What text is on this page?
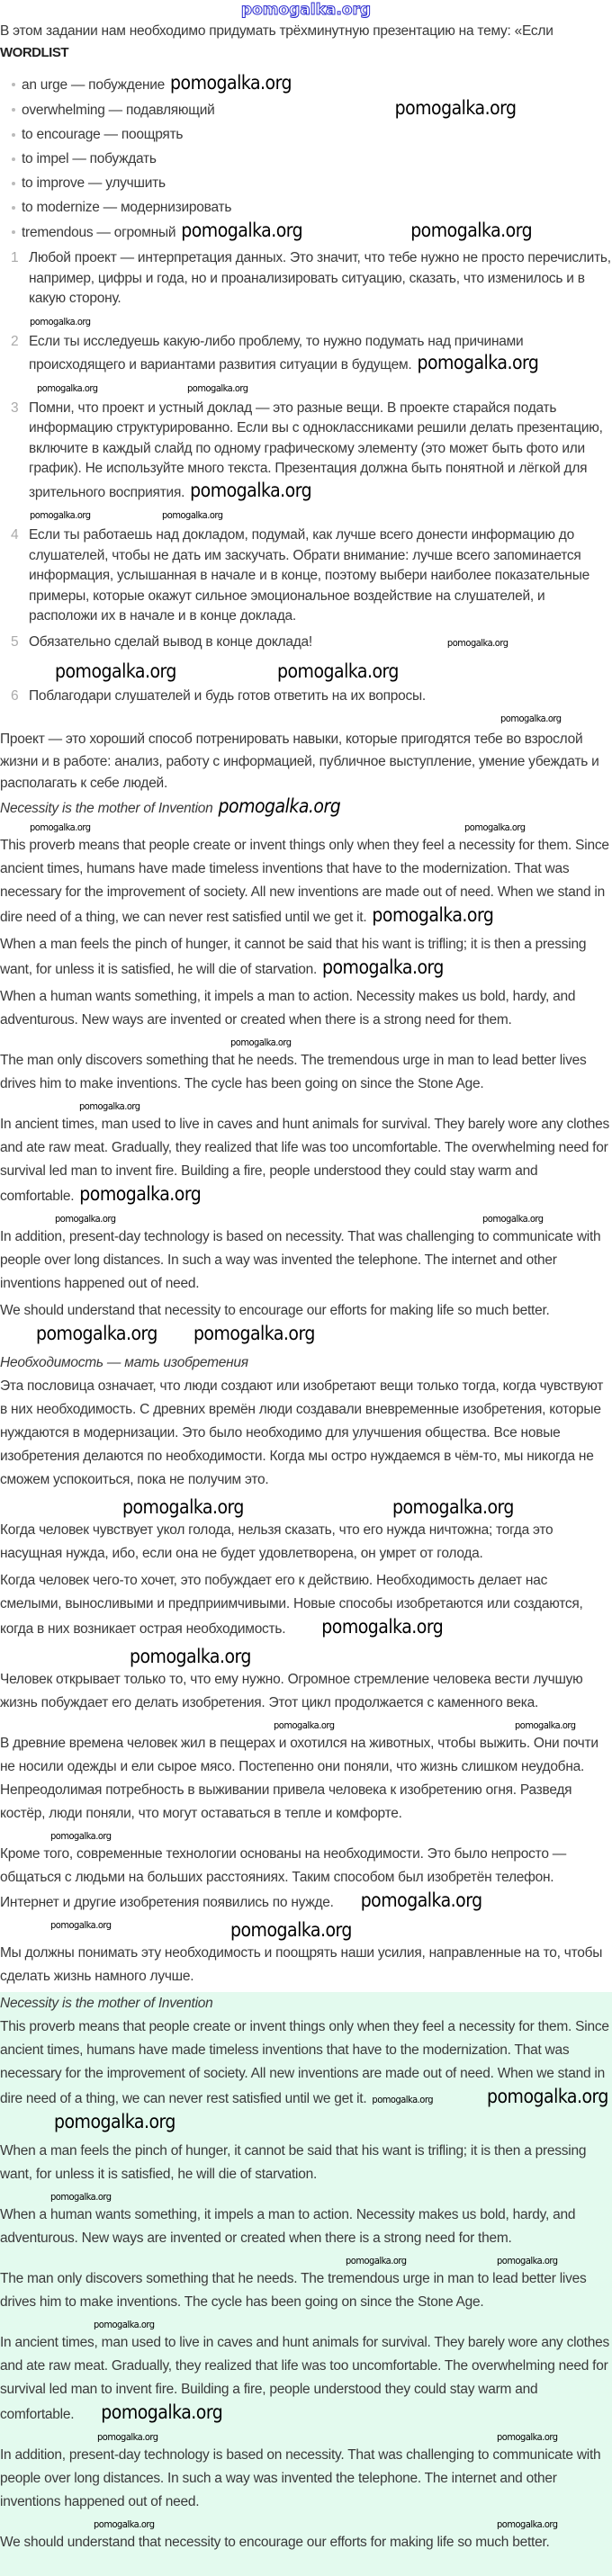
pomogalka.org
В этом задании нам необходимо придумать трёхминутную презентацию на тему: «Если
WORDLIST
an urge — побуждение pomogalka.org
overwhelming — подавляющий	pomogalka.org
to encourage — поощрять
to impel — побуждать
to improve — улучшить
to modernize — модернизировать
tremendous — огромный pomogalka.org	pomogalka.org
1 Любой проект — интерпретация данных. Это значит, что тебе нужно не просто перечислить, например, цифры и года, но и проанализировать ситуацию, сказать, что изменилось и в какую сторону.
pomogalka.org
2 Если ты исследуешь какую-либо проблему, то нужно подумать над причинами происходящего и вариантами развития ситуации в будущем. pomogalka.org
pomogalka.org	pomogalka.org
3 Помни, что проект и устный доклад — это разные вещи. В проекте старайся подать информацию структурированно. Если вы с одноклассниками решили делать презентацию, включите в каждый слайд по одному графическому элементу (это может быть фото или график). Не используйте много текста. Презентация должна быть понятной и лёгкой для зрительного восприятия. pomogalka.org
pomogalka.org	pomogalka.org
4 Если ты работаешь над докладом, подумай, как лучше всего донести информацию до слушателей, чтобы не дать им заскучать. Обрати внимание: лучше всего запоминается информация, услышанная в начале и в конце, поэтому выбери наиболее показательные примеры, которые окажут сильное эмоциональное воздействие на слушателей, и расположи их в начале и в конце доклада.
5 Обязательно сделай вывод в конце доклада!	pomogalka.org
pomogalka.org	pomogalka.org
6 Поблагодари слушателей и будь готов ответить на их вопросы.
pomogalka.org
Проект — это хороший способ потренировать навыки, которые пригодятся тебе во взрослой жизни и в работе: анализ, работу с информацией, публичное выступление, умение убеждать и располагать к себе людей.
Necessity is the mother of Invention pomogalka.org
pomogalka.org	pomogalka.org

This proverb means that people create or invent things only when they feel a necessity for them. Since ancient times, humans have made timeless inventions that have to the modernization. That was necessary for the improvement of society. All new inventions are made out of need. When we stand in dire need of a thing, we can never rest satisfied until we get it. pomogalka.org

When a man feels the pinch of hunger, it cannot be said that his want is trifling; it is then a pressing want, for unless it is satisfied, he will die of starvation. pomogalka.org

When a human wants something, it impels a man to action. Necessity makes us bold, hardy, and adventurous. New ways are invented or created when there is a strong need for them.

pomogalka.org

The man only discovers something that he needs. The tremendous urge in man to lead better lives drives him to make inventions. The cycle has been going on since the Stone Age.

pomogalka.org

In ancient times, man used to live in caves and hunt animals for survival. They barely wore any clothes and ate raw meat. Gradually, they realized that life was too uncomfortable. The overwhelming need for survival led man to invent fire. Building a fire, people understood they could stay warm and comfortable. pomogalka.org

pomogalka.org	pomogalka.org

In addition, present-day technology is based on necessity. That was challenging to communicate with people over long distances. In such a way was invented the telephone. The internet and other inventions happened out of need.

We should understand that necessity to encourage our efforts for making life so much better.pomogalka.org pomogalka.org

Необходимость — мать изобретения

Эта пословица означает, что люди создают или изобретают вещи только тогда, когда чувствуют в них необходимость. С древних времён люди создавали вневременные изобретения, которые нуждаются в модернизации. Это было необходимо для улучшения общества. Все новые изобретения делаются по необходимости. Когда мы остро нуждаемся в чём-то, мы никогда не сможем успокоиться, пока не получим это.

pomogalka.org	pomogalka.org

Когда человек чувствует укол голода, нельзя сказать, что его нужда ничтожна; тогда это насущная нужда, ибо, если она не будет удовлетворена, он умрет от голода.

Когда человек чего-то хочет, это побуждает его к действию. Необходимость делает нас смелыми, выносливыми и предприимчивыми. Новые способы изобретаются или создаются, когда в них возникает острая необходимость. pomogalka.org

pomogalka.org

Человек открывает только то, что ему нужно. Огромное стремление человека вести лучшую жизнь побуждает его делать изобретения. Этот цикл продолжается с каменного века.

pomogalka.org	pomogalka.org

В древние времена человек жил в пещерах и охотился на животных, чтобы выжить. Они почти не носили одежды и ели сырое мясо. Постепенно они поняли, что жизнь слишком неудобна. Непреодолимая потребность в выживании привела человека к изобретению огня. Разведя костёр, люди поняли, что могут оставаться в тепле и комфорте.

pomogalka.org

Кроме того, современные технологии основаны на необходимости. Это было непросто — общаться с людьми на больших расстояниях. Таким способом был изобретён телефон. Интернет и другие изобретения появились по нужде. pomogalka.org

pomogalka.org	pomogalka.org

Мы должны понимать эту необходимость и поощрять наши усилия, направленные на то, чтобы сделать жизнь намного лучше.

Necessity is the mother of Invention

This proverb means that people create or invent things only when they feel a necessity for them. Since ancient times, humans have made timeless inventions that have to the modernization. That was necessary for the improvement of society. All new inventions are made out of need. When we stand in dire need of a thing, we can never rest satisfied until we get it. pomogalka.org	pomogalka.orgpomogalka.org

When a man feels the pinch of hunger, it cannot be said that his want is trifling; it is then a pressing want, for unless it is satisfied, he will die of starvation.

pomogalka.org

When a human wants something, it impels a man to action. Necessity makes us bold, hardy, and adventurous. New ways are invented or created when there is a strong need for them.

pomogalka.org	pomogalka.org

The man only discovers something that he needs. The tremendous urge in man to lead better lives drives him to make inventions. The cycle has been going on since the Stone Age.

pomogalka.org

In ancient times, man used to live in caves and hunt animals for survival. They barely wore any clothes and ate raw meat. Gradually, they realized that life was too uncomfortable. The overwhelming need for survival led man to invent fire. Building a fire, people understood they could stay warm and comfortable. pomogalka.org

pomogalka.org	pomogalka.org

In addition, present-day technology is based on necessity. That was challenging to communicate with people over long distances. In such a way was invented the telephone. The internet and other inventions happened out of need.

pomogalka.org	pomogalka.org

We should understand that necessity to encourage our efforts for making life so much better.
